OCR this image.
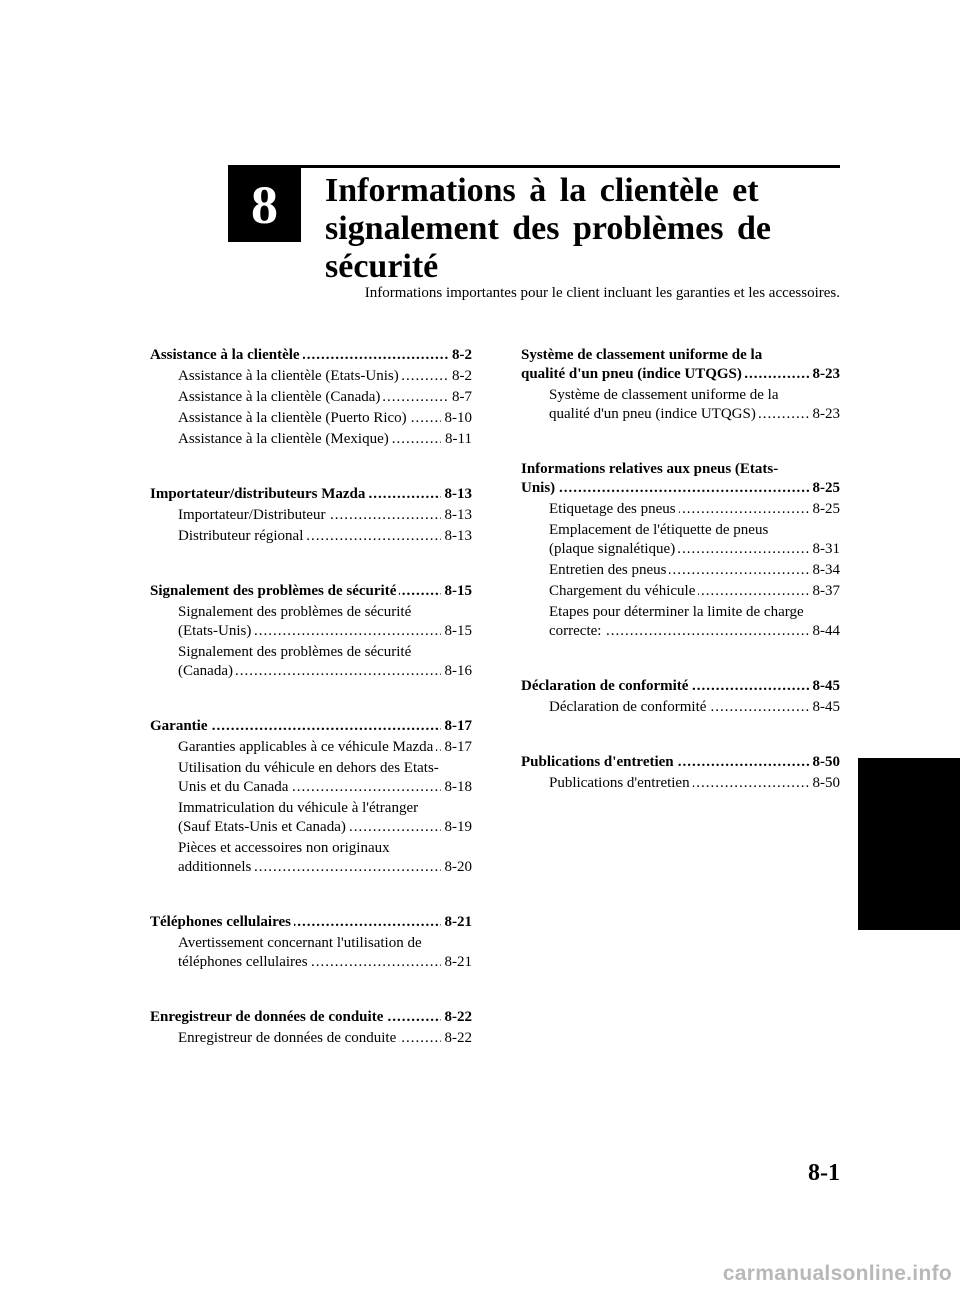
8 Informations à la clientèle et
signalement des problèmes de sécurité
Informations importantes pour le client incluant les garanties et les accessoires.
..... Assistance à la clientèle	8-2
..... Assistance à la clientèle (Etats-Unis)	8-2
..... Assistance à la clientèle (Canada)	8-7
..... Assistance à la clientèle (Puerto Rico)	8-10
..... Assistance à la clientèle (Mexique)	8-11
..... Importateur/distributeurs Mazda	8-13
..... Importateur/Distributeur	8-13
..... Distributeur régional	8-13
..... Signalement des problèmes de sécurité	8-15
..... Signalement des problèmes de sécurité (Etats-Unis)	8-15
..... Signalement des problèmes de sécurité (Canada)	8-16
..... Garantie	8-17
..... Garanties applicables à ce véhicule Mazda 8-17
..... Utilisation du véhicule en dehors des Etats-Unis et du Canada	8-18
..... Immatriculation du véhicule à l'étranger (Sauf Etats-Unis et Canada)	8-19
..... Pièces et accessoires non originaux additionnels	8-20
..... Téléphones cellulaires	8-21
..... Avertissement concernant l'utilisation de téléphones cellulaires	8-21
..... Enregistreur de données de conduite	8-22
..... Enregistreur de données de conduite	8-22
..... Système de classement uniforme de la qualité d'un pneu (indice UTQGS)	8-23
..... Système de classement uniforme de la qualité d'un pneu (indice UTQGS)	8-23
..... Informations relatives aux pneus (Etats-Unis)	8-25
..... Etiquetage des pneus	8-25
..... Emplacement de l'étiquette de pneus (plaque signalétique)	8-31
..... Entretien des pneus	8-34
..... Chargement du véhicule	8-37
..... Etapes pour déterminer la limite de charge correcte:	8-44
..... Déclaration de conformité	8-45
..... Déclaration de conformité	8-45
..... Publications d'entretien	8-50
..... Publications d'entretien	8-50
8-1
carmanualsonline.info
